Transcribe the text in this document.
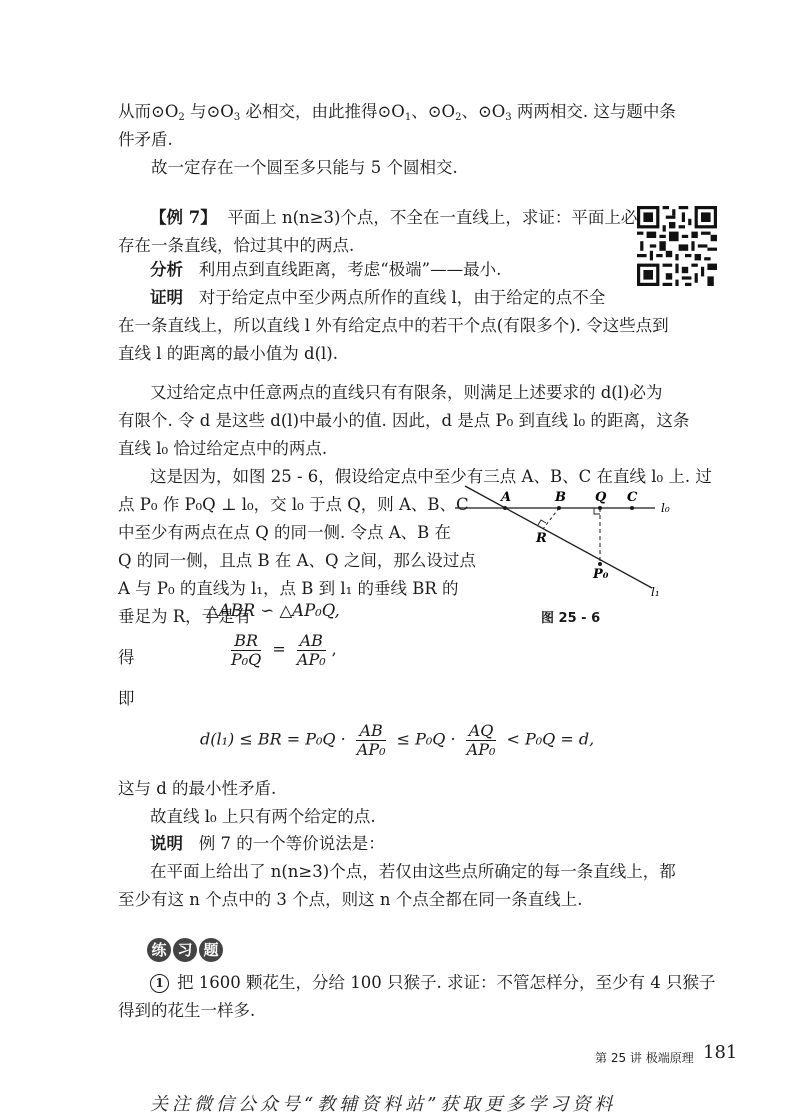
从而$⊙O_2$ 与$⊙O_3$ 必相交，由此推得$⊙O_1$、$⊙O_2$、$⊙O_3$ 两两相交. 这与题中条
件矛盾.
故一定存在一个圆至多只能与 5 个圆相交.
【例 7】 平面上 n(n≥3)个点，不全在一直线上，求证：平面上必
存在一条直线，恰过其中的两点.
分析 利用点到直线距离，考虑“极端”——最小.
证明 对于给定点中至少两点所作的直线 l，由于给定的点不全
在一条直线上，所以直线 l 外有给定点中的若干个点(有限多个). 令这些点到
直线 l 的距离的最小值为 d(l).
又过给定点中任意两点的直线只有有限条，则满足上述要求的 d(l)必为
有限个. 令 d 是这些 d(l)中最小的值. 因此，d 是点 P₀ 到直线 l₀ 的距离，这条
直线 l₀ 恰过给定点中的两点.
这是因为，如图 25 - 6，假设给定点中至少有三点 A、B、C 在直线 l₀ 上. 过
点 P₀ 作 P₀Q ⊥ l₀，交 l₀ 于点 Q，则 A、B、C
中至少有两点在点 Q 的同一侧. 令点 A、B 在
Q 的同一侧，且点 B 在 A、Q 之间，那么设过点
A 与 P₀ 的直线为 l₁，点 B 到 l₁ 的垂线 BR 的
垂足为 R，于是有
A	B Q C
R
P₀
l₀
l₁
图 25 - 6
△ABR ∽ △AP₀Q,
得	$\frac{BR}{\text{P₀Q}} = \frac{AB}{\text{AP₀}}$ ,
即
d(l₁) ≤ BR = $P_0Q \cdot \frac{AB}{\text{AP₀}} \le P_0Q \cdot \frac{AQ}{\text{AP₀}} < P_0Q = d$,
这与 d 的最小性矛盾.
故直线 l₀ 上只有两个给定的点.
说明 例 7 的一个等价说法是：
在平面上给出了 n(n≥3)个点，若仅由这些点所确定的每一条直线上，都
至少有这 n 个点中的 3 个点，则这 n 个点全都在同一条直线上.
练 习 题
1 把 1600 颗花生，分给 100 只猴子. 求证：不管怎样分，至少有 4 只猴子
得到的花生一样多.
第 25 讲 极端原理 181
关注微信公众号“教辅资料站”获取更多学习资料
